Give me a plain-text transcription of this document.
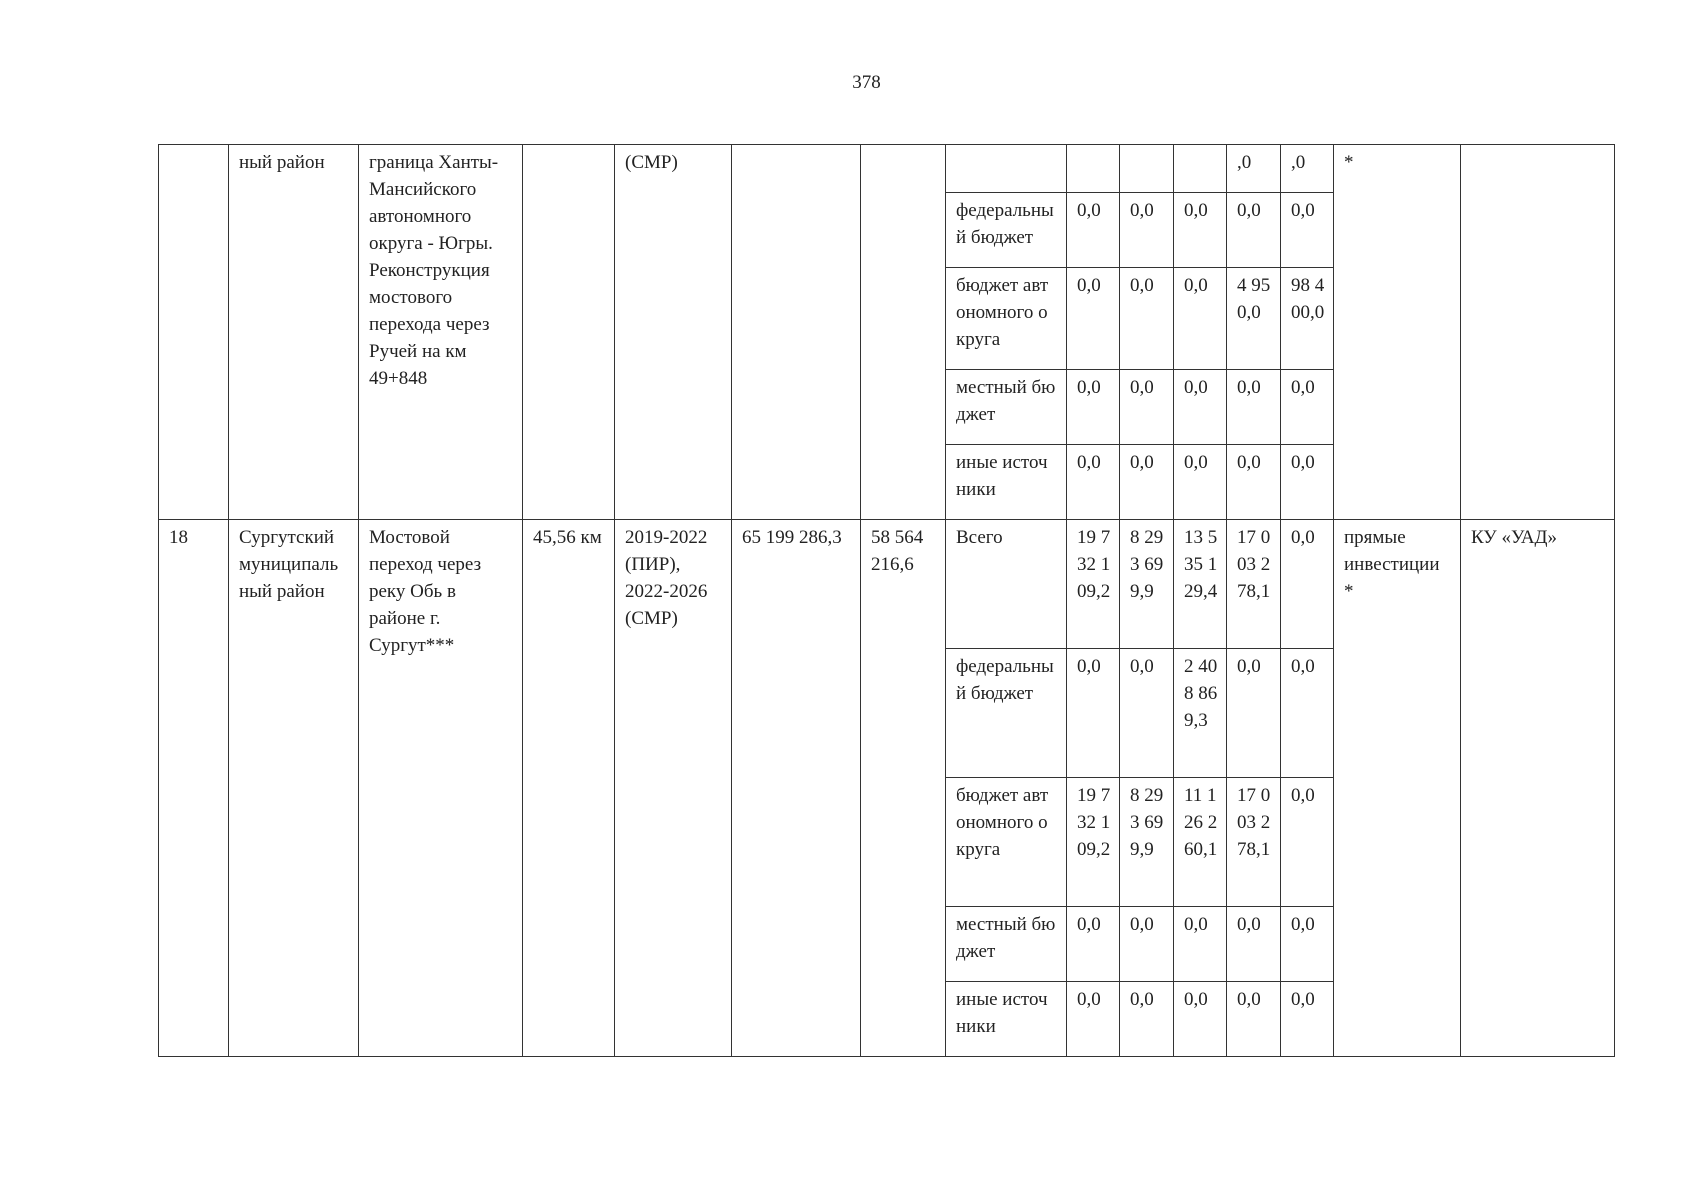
378
	ный район	граница Ханты-Мансийского автономного округа - Югры. Реконструкция мостового перехода через Ручей на км 49+848		(СМР)							,0	,0	*	
							федеральный бюджет	0,0	0,0	0,0	0,0	0,0		
							бюджет автономного округа	0,0	0,0	0,0	4 950,0	98 400,0		
							местный бюджет	0,0	0,0	0,0	0,0	0,0		
							иные источники	0,0	0,0	0,0	0,0	0,0		
18	Сургутский муниципальный район	Мостовой переход через реку Обь в районе г. Сургут***	45,56 км	2019-2022 (ПИР), 2022-2026 (СМР)	65 199 286,3	58 564 216,6	Всего	19 732 109,2	8 293 699,9	13 535 129,4	17 003 278,1	0,0	прямые инвестиции *	КУ «УАД»
							федеральный бюджет	0,0	0,0	2 408 869,3	0,0	0,0		
							бюджет автономного округа	19 732 109,2	8 293 699,9	11 126 260,1	17 003 278,1	0,0		
							местный бюджет	0,0	0,0	0,0	0,0	0,0		
							иные источники	0,0	0,0	0,0	0,0	0,0		
